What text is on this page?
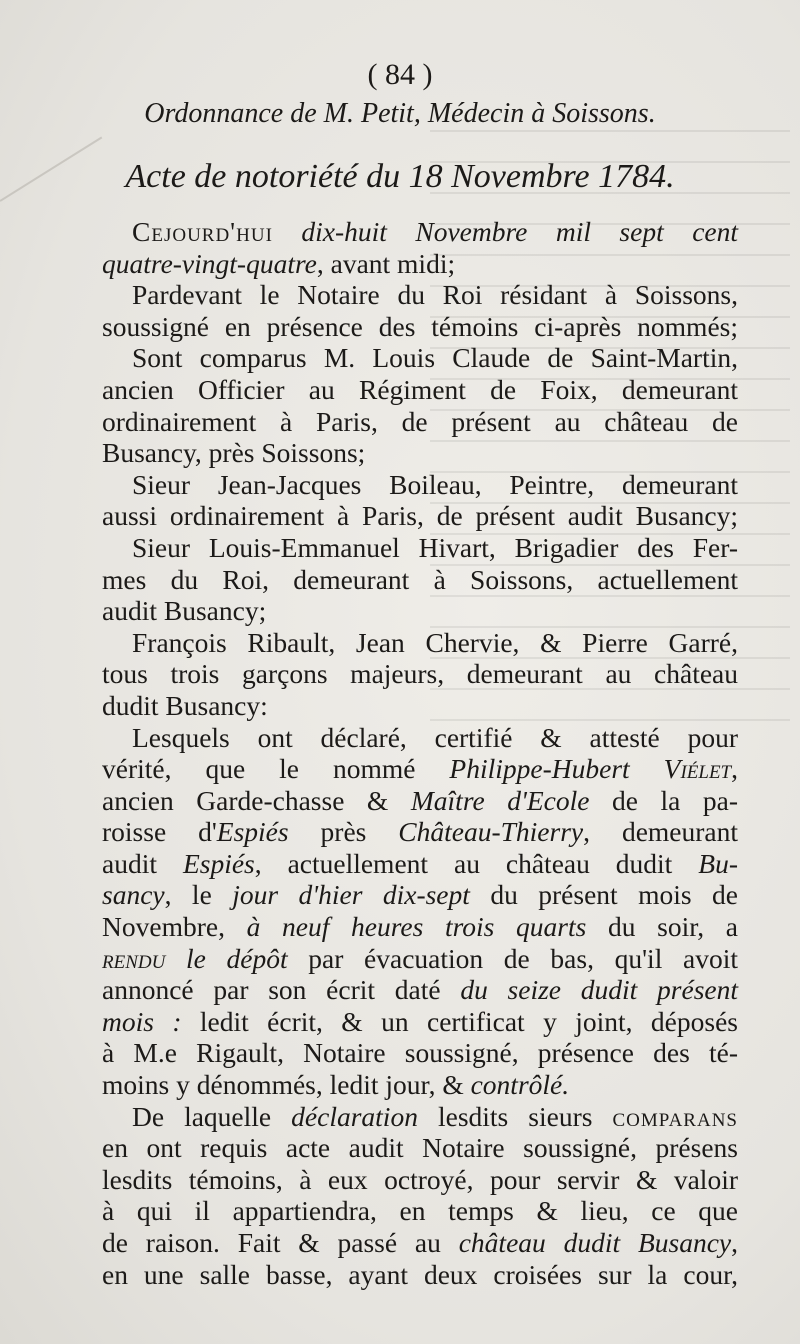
( 84 )
Ordonnance de M. Petit, Médecin à Soissons.
Acte de notoriété du 18 Novembre 1784.
Cejourd'hui dix-huit Novembre mil sept cent
quatre-vingt-quatre, avant midi;
Pardevant le Notaire du Roi résidant à Soissons,
soussigné en présence des témoins ci-après nommés;
Sont comparus M. Louis Claude de Saint-Martin,
ancien Officier au Régiment de Foix, demeurant
ordinairement à Paris, de présent au château de
Busancy, près Soissons;
Sieur Jean-Jacques Boileau, Peintre, demeurant
aussi ordinairement à Paris, de présent audit Busancy;
Sieur Louis-Emmanuel Hivart, Brigadier des Fer-
mes du Roi, demeurant à Soissons, actuellement
audit Busancy;
François Ribault, Jean Chervie, & Pierre Garré,
tous trois garçons majeurs, demeurant au château
dudit Busancy:
Lesquels ont déclaré, certifié & attesté pour
vérité, que le nommé Philippe-Hubert Viélet,
ancien Garde-chasse & Maître d'Ecole de la pa-
roisse d'Espiés près Château-Thierry, demeurant
audit Espiés, actuellement au château dudit Bu-
sancy, le jour d'hier dix-sept du présent mois de
Novembre, à neuf heures trois quarts du soir, a
rendu le dépôt par évacuation de bas, qu'il avoit
annoncé par son écrit daté du seize dudit présent
mois : ledit écrit, & un certificat y joint, déposés
à M.e Rigault, Notaire soussigné, présence des té-
moins y dénommés, ledit jour, & contrôlé.
De laquelle déclaration lesdits sieurs comparans
en ont requis acte audit Notaire soussigné, présens
lesdits témoins, à eux octroyé, pour servir & valoir
à qui il appartiendra, en temps & lieu, ce que
de raison. Fait & passé au château dudit Busancy,
en une salle basse, ayant deux croisées sur la cour,
